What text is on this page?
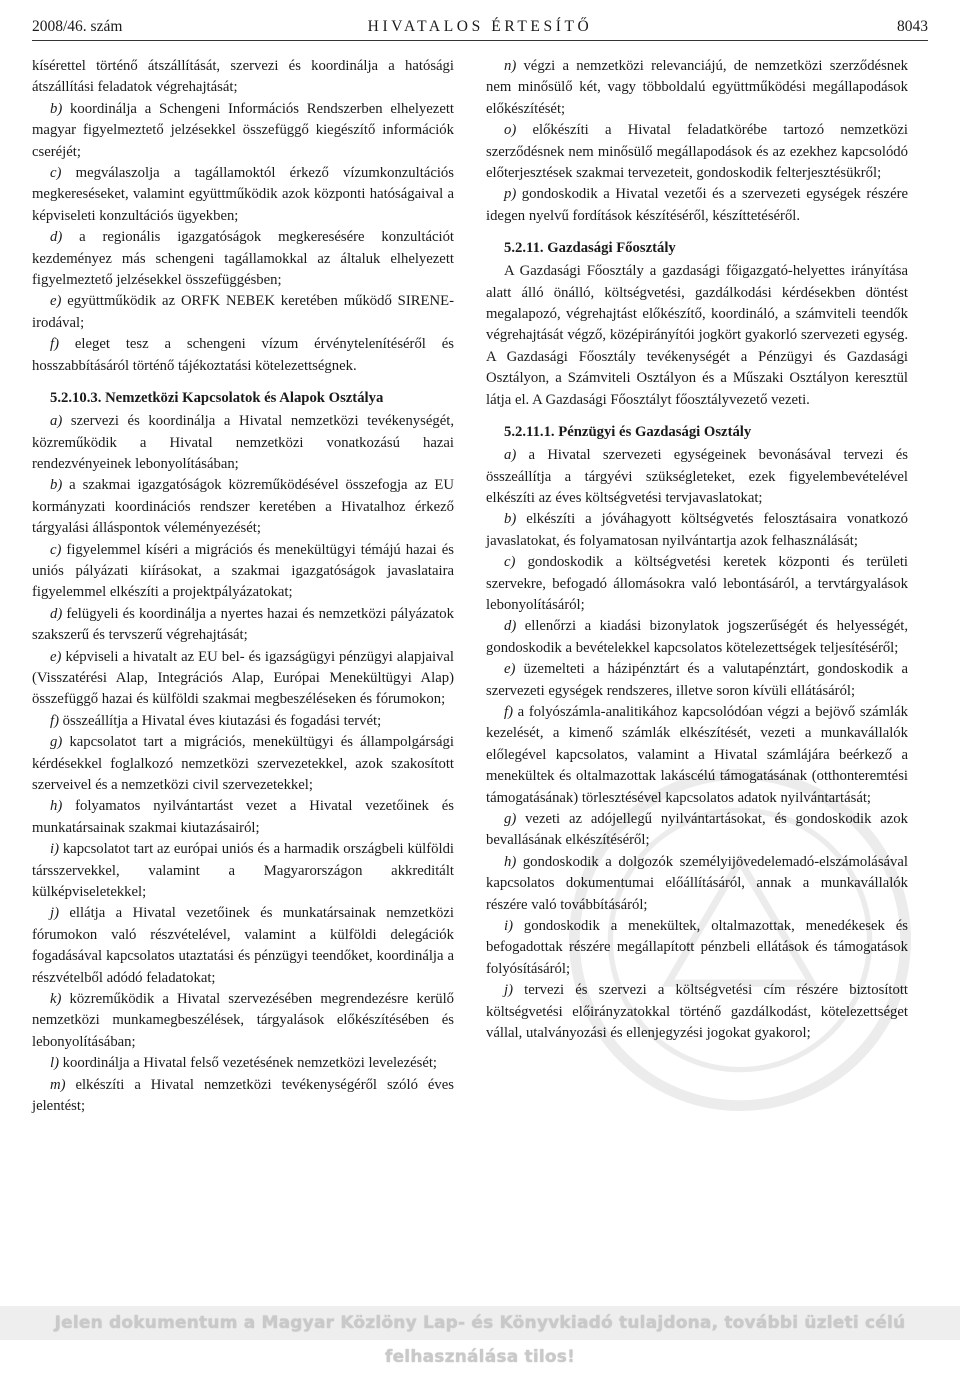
2008/46. szám	HIVATALOS ÉRTESÍTŐ	8043

kísérettel történő átszállítását, szervezi és koordinálja a hatósági átszállítási feladatok végrehajtását;

b) koordinálja a Schengeni Információs Rendszerben elhelyezett magyar figyelmeztető jelzésekkel összefüggő kiegészítő információk cseréjét;

c) megválaszolja a tagállamoktól érkező vízumkonzultációs megkereséseket, valamint együttműködik azok központi hatóságaival a képviseleti konzultációs ügyekben;

d) a regionális igazgatóságok megkeresésére konzultációt kezdeményez más schengeni tagállamokkal az általuk elhelyezett figyelmeztető jelzésekkel összefüggésben;

e) együttműködik az ORFK NEBEK keretében működő SIRENE-irodával;

f) eleget tesz a schengeni vízum érvénytelenítéséről és hosszabbításáról történő tájékoztatási kötelezettségnek.

5.2.10.3. Nemzetközi Kapcsolatok és Alapok Osztálya

a) szervezi és koordinálja a Hivatal nemzetközi tevékenységét, közreműködik a Hivatal nemzetközi vonatkozású hazai rendezvényeinek lebonyolításában;

b) a szakmai igazgatóságok közreműködésével összefogja az EU kormányzati koordinációs rendszer keretében a Hivatalhoz érkező tárgyalási álláspontok véleményezését;

c) figyelemmel kíséri a migrációs és menekültügyi témájú hazai és uniós pályázati kiírásokat, a szakmai igazgatóságok javaslataira figyelemmel elkészíti a projektpályázatokat;

d) felügyeli és koordinálja a nyertes hazai és nemzetközi pályázatok szakszerű és tervszerű végrehajtását;

e) képviseli a hivatalt az EU bel- és igazságügyi pénzügyi alapjaival (Visszatérési Alap, Integrációs Alap, Európai Menekültügyi Alap) összefüggő hazai és külföldi szakmai megbeszéléseken és fórumokon;

f) összeállítja a Hivatal éves kiutazási és fogadási tervét;

g) kapcsolatot tart a migrációs, menekültügyi és állampolgársági kérdésekkel foglalkozó nemzetközi szervezetekkel, azok szakosított szerveivel és a nemzetközi civil szervezetekkel;

h) folyamatos nyilvántartást vezet a Hivatal vezetőinek és munkatársainak szakmai kiutazásairól;

i) kapcsolatot tart az európai uniós és a harmadik országbeli külföldi társszervekkel, valamint a Magyarországon akkreditált külképviseletekkel;

j) ellátja a Hivatal vezetőinek és munkatársainak nemzetközi fórumokon való részvételével, valamint a külföldi delegációk fogadásával kapcsolatos utaztatási és pénzügyi teendőket, koordinálja a részvételből adódó feladatokat;

k) közreműködik a Hivatal szervezésében megrendezésre kerülő nemzetközi munkamegbeszélések, tárgyalások előkészítésében és lebonyolításában;

l) koordinálja a Hivatal felső vezetésének nemzetközi levelezését;

m) elkészíti a Hivatal nemzetközi tevékenységéről szóló éves jelentést;

n) végzi a nemzetközi relevanciájú, de nemzetközi szerződésnek nem minősülő két, vagy többoldalú együttműködési megállapodások előkészítését;

o) előkészíti a Hivatal feladatkörébe tartozó nemzetközi szerződésnek nem minősülő megállapodások és az ezekhez kapcsolódó előterjesztések szakmai tervezeteit, gondoskodik felterjesztésükről;

p) gondoskodik a Hivatal vezetői és a szervezeti egységek részére idegen nyelvű fordítások készítéséről, készíttetéséről.

5.2.11. Gazdasági Főosztály

A Gazdasági Főosztály a gazdasági főigazgató-helyettes irányítása alatt álló önálló, költségvetési, gazdálkodási kérdésekben döntést megalapozó, végrehajtást előkészítő, koordináló, a számviteli teendők végrehajtását végző, középirányítói jogkört gyakorló szervezeti egység. A Gazdasági Főosztály tevékenységét a Pénzügyi és Gazdasági Osztályon, a Számviteli Osztályon és a Műszaki Osztályon keresztül látja el. A Gazdasági Főosztályt főosztályvezető vezeti.

5.2.11.1. Pénzügyi és Gazdasági Osztály

a) a Hivatal szervezeti egységeinek bevonásával tervezi és összeállítja a tárgyévi szükségleteket, ezek figyelembevételével elkészíti az éves költségvetési tervjavaslatokat;

b) elkészíti a jóváhagyott költségvetés felosztásaira vonatkozó javaslatokat, és folyamatosan nyilvántartja azok felhasználását;

c) gondoskodik a költségvetési keretek központi és területi szervekre, befogadó állomásokra való lebontásáról, a tervtárgyalások lebonyolításáról;

d) ellenőrzi a kiadási bizonylatok jogszerűségét és helyességét, gondoskodik a bevételekkel kapcsolatos kötelezettségek teljesítéséről;

e) üzemelteti a házipénztárt és a valutapénztárt, gondoskodik a szervezeti egységek rendszeres, illetve soron kívüli ellátásáról;

f) a folyószámla-analitikához kapcsolódóan végzi a bejövő számlák kezelését, a kimenő számlák elkészítését, vezeti a munkavállalók előlegével kapcsolatos, valamint a Hivatal számlájára beérkező a menekültek és oltalmazottak lakáscélú támogatásának (otthonteremtési támogatásának) törlesztésével kapcsolatos adatok nyilvántartását;

g) vezeti az adójellegű nyilvántartásokat, és gondoskodik azok bevallásának elkészítéséről;

h) gondoskodik a dolgozók személyijövedelemadó-elszámolásával kapcsolatos dokumentumai előállításáról, annak a munkavállalók részére való továbbításáról;

i) gondoskodik a menekültek, oltalmazottak, menedékesek és befogadottak részére megállapított pénzbeli ellátások és támogatások folyósításáról;

j) tervezi és szervezi a költségvetési cím részére biztosított költségvetési előirányzatokkal történő gazdálkodást, kötelezettséget vállal, utalványozási és ellenjegyzési jogokat gyakorol;

Jelen dokumentum a Magyar Közlöny Lap- és Könyvkiadó tulajdona, további üzleti célú felhasználása tilos!
